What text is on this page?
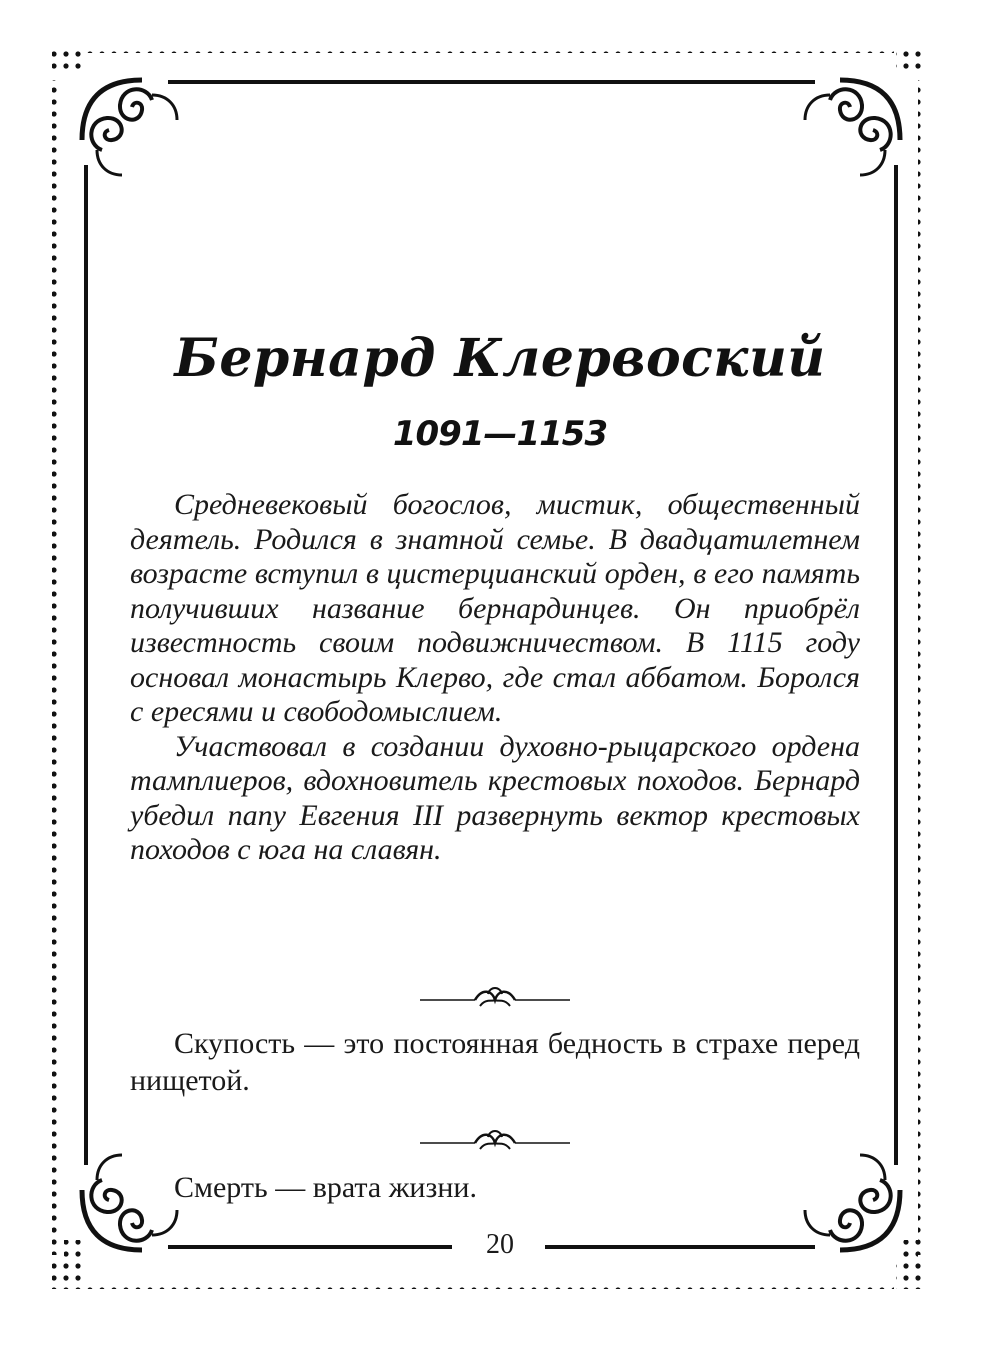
Бернард Клервоский
1091—1153

Средневековый богослов, мистик, общественный деятель. Родился в знатной семье. В двадцатилетнем возрасте вступил в цистерцианский орден, в его память получивших название бернардинцев. Он приобрёл известность своим подвижничеством. В 1115 году основал монастырь Клерво, где стал аббатом. Боролся с ересями и свободомыслием.

Участвовал в создании духовно-рыцарского ордена тамплиеров, вдохновитель крестовых походов. Бернард убедил папу Евгения III развернуть вектор крестовых походов с юга на славян.

Скупость — это постоянная бедность в страхе перед нищетой.

Смерть — врата жизни.

20
